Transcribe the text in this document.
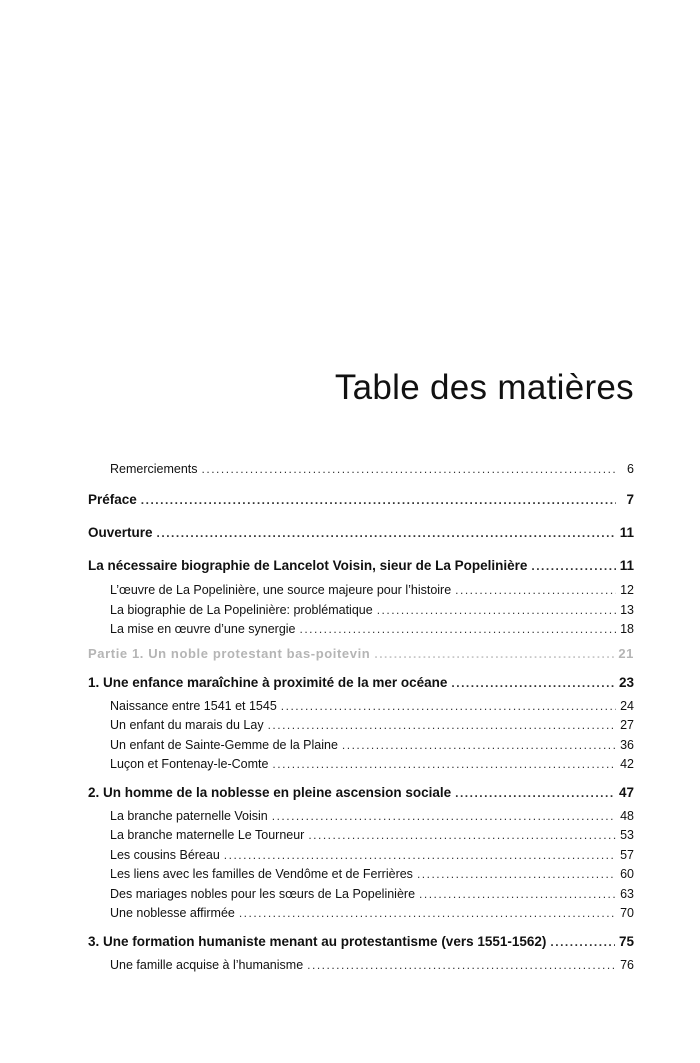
Table des matières
Remerciements .....	6
Préface .....	7
Ouverture .....	11
La nécessaire biographie de Lancelot Voisin, sieur de La Popelinière .....	11
L’œuvre de La Popelinière, une source majeure pour l’histoire .....	12
La biographie de La Popelinière: problématique .....	13
La mise en œuvre d’une synergie .....	18
Partie 1. Un noble protestant bas-poitevin .....	21
1. Une enfance maraîchine à proximité de la mer océane .....	23
Naissance entre 1541 et 1545 .....	24
Un enfant du marais du Lay .....	27
Un enfant de Sainte-Gemme de la Plaine .....	36
Luçon et Fontenay-le-Comte .....	42
2. Un homme de la noblesse en pleine ascension sociale .....	47
La branche paternelle Voisin .....	48
La branche maternelle Le Tourneur .....	53
Les cousins Béreau .....	57
Les liens avec les familles de Vendôme et de Ferrières .....	60
Des mariages nobles pour les sœurs de La Popelinière .....	63
Une noblesse affirmée .....	70
3. Une formation humaniste menant au protestantisme (vers 1551-1562) .....	75
Une famille acquise à l’humanisme .....	76
